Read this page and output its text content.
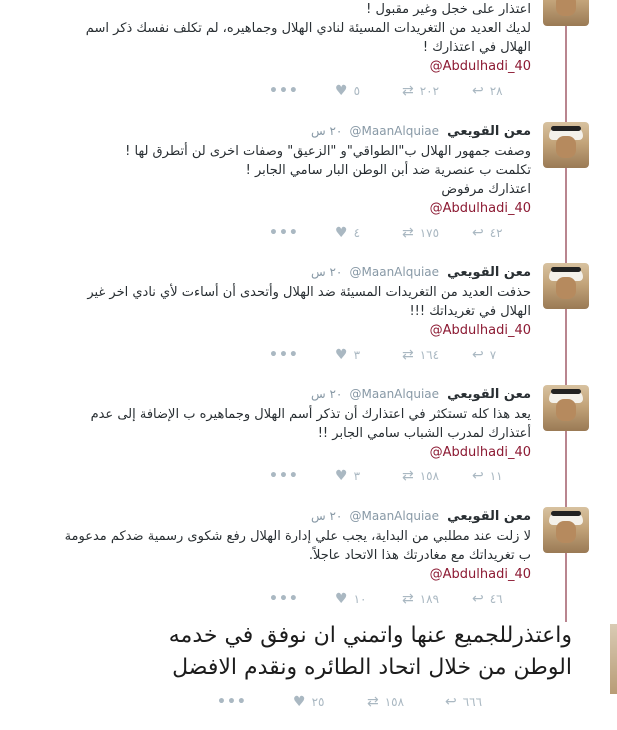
اعتذار على خجل وغير مقبول !
لديك العديد من التغريدات المسيئة لنادي الهلال وجماهيره، لم تكلف نفسك ذكر اسم
الهلال في اعتذارك !
@Abdulhadi_40
•••	♥ ٥	⇄ ٢٠٢ ↩ ٢٨
معن القويعي @MaanAlquiae ٢٠ س
وصفت جمهور الهلال ب"الطواقي"و "الزعيق" وصفات اخرى لن أتطرق لها !
تكلمت ب عنصرية ضد أبن الوطن البار سامي الجابر !
اعتذارك مرفوض
@Abdulhadi_40
•••	♥ ٤	⇄ ١٧٥ ↩ ٤٢
معن القويعي @MaanAlquiae ٢٠ س
حذفت العديد من التغريدات المسيئة ضد الهلال وأتحدى أن أساءت لأي نادي اخر غير
الهلال في تغريداتك !!!
@Abdulhadi_40
•••	♥ ٣	⇄ ١٦٤ ↩ ٧
معن القويعي @MaanAlquiae ٢٠ س
يعد هذا كله تستكثر في اعتذارك أن تذكر أسم الهلال وجماهيره ب الإضافة إلى عدم
أعتذارك لمدرب الشباب سامي الجابر !!
@Abdulhadi_40
•••	♥ ٣	⇄ ١٥٨ ↩ ١١
معن القويعي @MaanAlquiae ٢٠ س
لا زلت عند مطلبي من البداية، يجب علي إدارة الهلال رفع شكوى رسمية ضدكم مدعومة
ب تغريداتك مع مغادرتك هذا الاتحاد عاجلاً.
@Abdulhadi_40
•••	♥ ١٠	⇄ ١٨٩ ↩ ٤٦
واعتذرللجميع عنها واتمني ان نوفق في خدمه
الوطن من خلال اتحاد الطائره ونقدم الافضل
•••	♥ ٢٥	⇄ ١٥٨	↩ ٦٦٦
